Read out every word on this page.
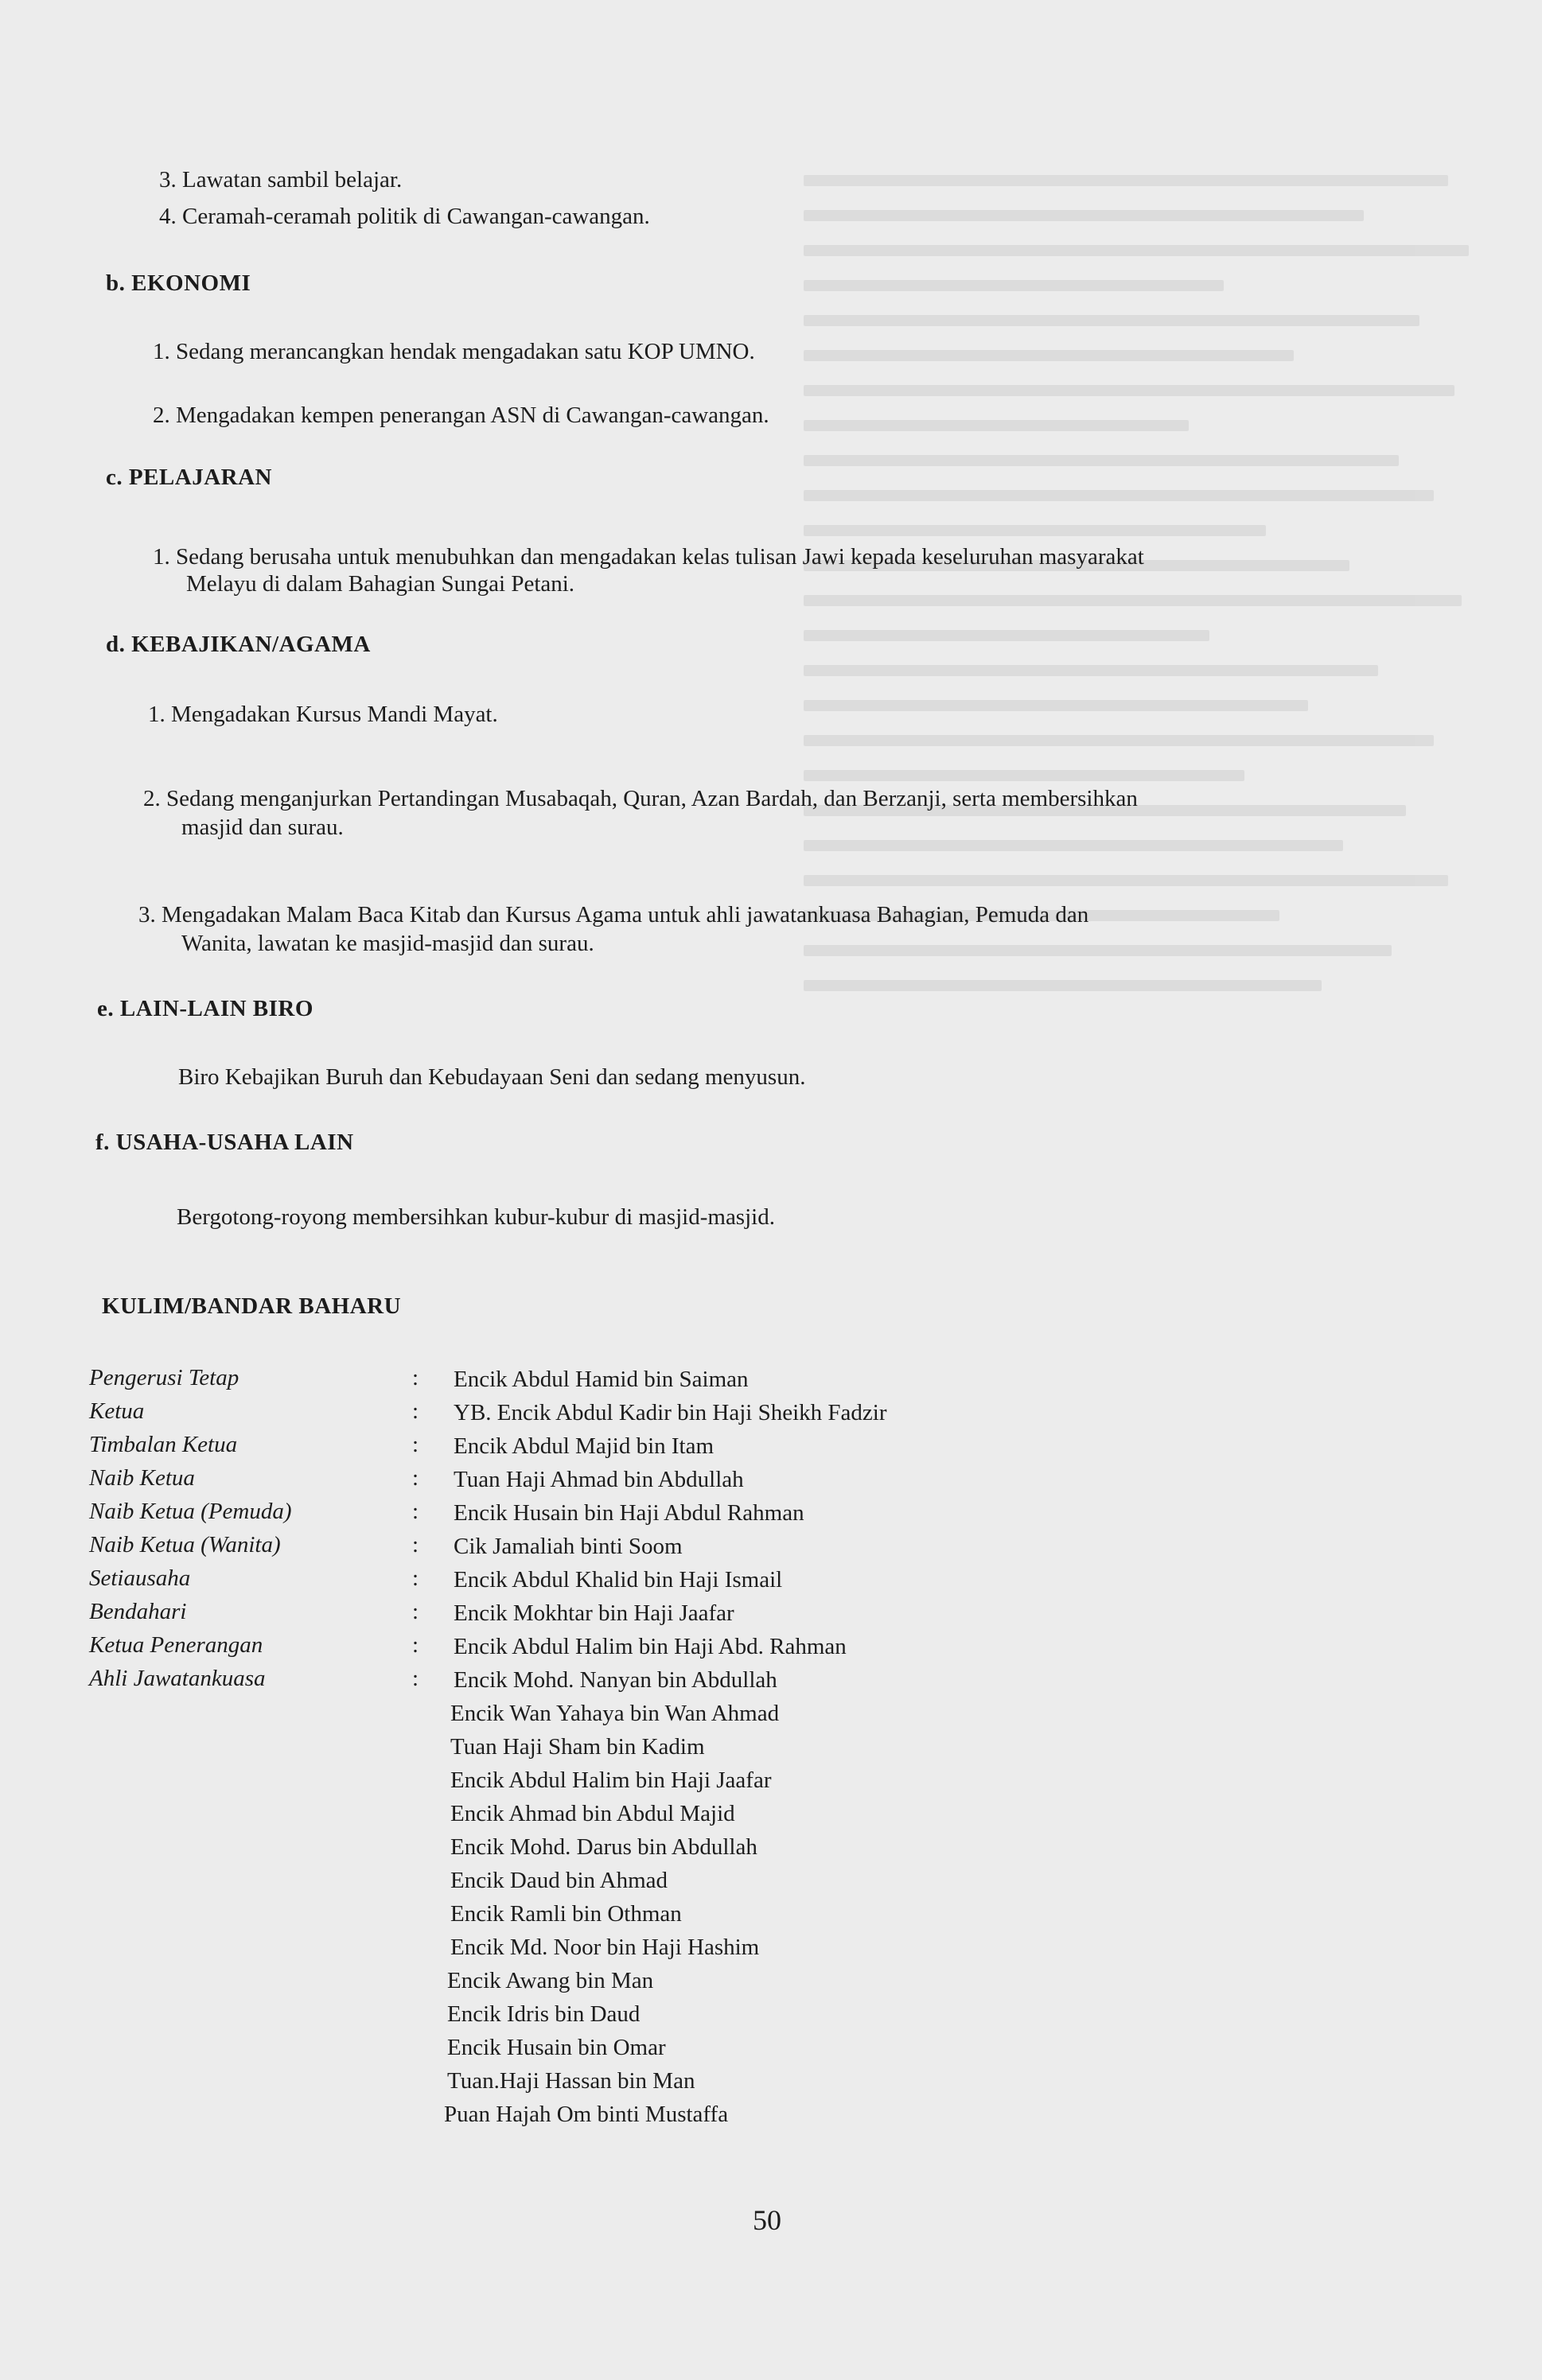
3. Lawatan sambil belajar.
4. Ceramah-ceramah politik di Cawangan-cawangan.
b. EKONOMI
1. Sedang merancangkan hendak mengadakan satu KOP UMNO.
2. Mengadakan kempen penerangan ASN di Cawangan-cawangan.
c. PELAJARAN
1. Sedang berusaha untuk menubuhkan dan mengadakan kelas tulisan Jawi kepada keseluruhan masyarakat
Melayu di dalam Bahagian Sungai Petani.
d. KEBAJIKAN/AGAMA
1. Mengadakan Kursus Mandi Mayat.
2. Sedang menganjurkan Pertandingan Musabaqah, Quran, Azan Bardah, dan Berzanji, serta membersihkan
masjid dan surau.
3. Mengadakan Malam Baca Kitab dan Kursus Agama untuk ahli jawatankuasa Bahagian, Pemuda dan
Wanita, lawatan ke masjid-masjid dan surau.
e. LAIN-LAIN BIRO
Biro Kebajikan Buruh dan Kebudayaan Seni dan sedang menyusun.
f. USAHA-USAHA LAIN
Bergotong-royong membersihkan kubur-kubur di masjid-masjid.
KULIM/BANDAR BAHARU
Pengerusi Tetap	: Encik Abdul Hamid bin Saiman
Ketua	: YB. Encik Abdul Kadir bin Haji Sheikh Fadzir
Timbalan Ketua	: Encik Abdul Majid bin Itam
Naib Ketua	: Tuan Haji Ahmad bin Abdullah
Naib Ketua (Pemuda)	: Encik Husain bin Haji Abdul Rahman
Naib Ketua (Wanita)	: Cik Jamaliah binti Soom
Setiausaha	: Encik Abdul Khalid bin Haji Ismail
Bendahari	: Encik Mokhtar bin Haji Jaafar
Ketua Penerangan	: Encik Abdul Halim bin Haji Abd. Rahman
Ahli Jawatankuasa	: Encik Mohd. Nanyan bin Abdullah
Encik Wan Yahaya bin Wan Ahmad
Tuan Haji Sham bin Kadim
Encik Abdul Halim bin Haji Jaafar
Encik Ahmad bin Abdul Majid
Encik Mohd. Darus bin Abdullah
Encik Daud bin Ahmad
Encik Ramli bin Othman
Encik Md. Noor bin Haji Hashim
Encik Awang bin Man
Encik Idris bin Daud
Encik Husain bin Omar
Tuan.Haji Hassan bin Man
Puan Hajah Om binti Mustaffa
50
